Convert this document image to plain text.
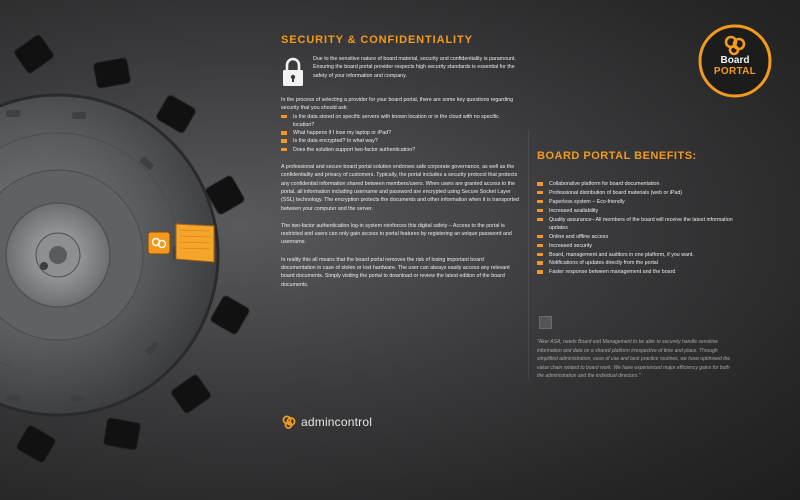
SECURITY & CONFIDENTIALITY

Due to the sensitive nature of board material, security and confidentiality is paramount. Ensuring the board portal provider respects high security standards is essential for the safety of your information and company.

In the process of selecting a provider for your board portal, there are some key questions regarding security that you should ask:

Is the data stored on specific servers with known location or in the cloud with no specific location?
What happens if I lose my laptop or iPad?
Is the data encrypted? In what way?
Does the solution support two-factor authentication?

A professional and secure board portal solution endorses safe corporate governance, as well as the confidentiality and privacy of customers. Typically, the portal includes a security protocol that protects any confidential information shared between members/users. When users are granted access to the portal, all information including username and password are encrypted using Secure Socket Layer (SSL) technology. The encryption protects the documents and other information when it is transported between your computer and the server.

The two-factor authentication log-in system reinforces this digital safety – Access to the portal is restricted and users can only gain access to portal features by registering an unique password and username.

In reality this all means that the board portal removes the risk of losing important board documentation in case of stolen or lost hardware. The user can always easily access any relevant board documents. Simply visiting the portal to download or review the latest edition of the board documents.

BOARD PORTAL BENEFITS:
Collaborative platform for board documentation
Professional distribution of board materials (web or iPad)
Paperless system – Eco-friendly
Increased availability
Quality assurance– All members of the board will receive the latest information updates
Online and offline access
Increased security
Board, management and auditors in one platform, if you want.
Notifications of updates directly from the portal
Faster response between management and the board

"Aker ASA, needs Board and Management to be able to securely handle sensitive information and data on a shared platform irrespective of time and place. Through simplified administration, ease of use and best practice routines, we have optimised the value chain related to board work. We have experienced major efficiency gains for both the administration and the individual directors."

Board
PORTAL
admincontrol
